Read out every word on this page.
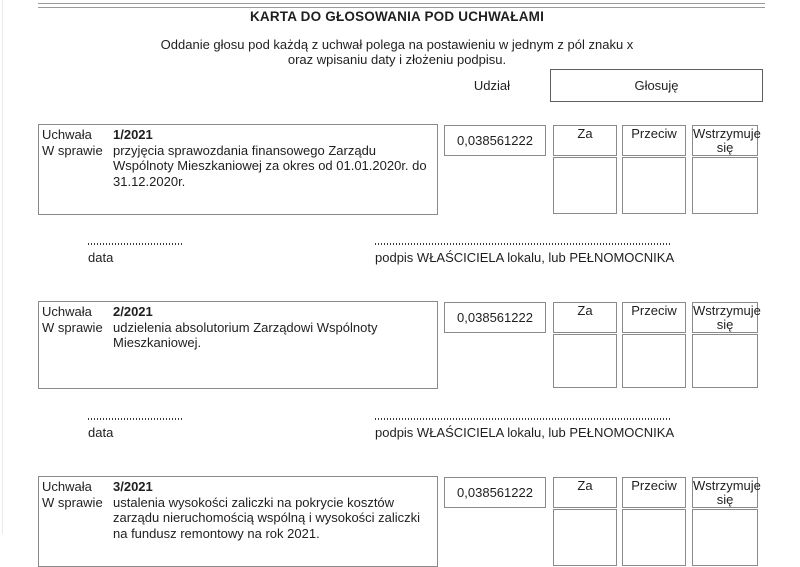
KARTA DO GŁOSOWANIA POD UCHWAŁAMI
Oddanie głosu pod każdą z uchwał polega na postawieniu w jednym z pól znaku x
oraz wpisaniu daty i złożeniu podpisu.
Udział	Głosuję
Uchwała	1/2021
W sprawie przyjęcia sprawozdania finansowego Zarządu Wspólnoty Mieszkaniowej za okres od 01.01.2020r. do 31.12.2020r.
0,038561222	Za	Przeciw	Wstrzymuje się
data	podpis WŁAŚCICIELA lokalu, lub PEŁNOMOCNIKA
Uchwała	2/2021
W sprawie udzielenia absolutorium Zarządowi Wspólnoty Mieszkaniowej.
0,038561222	Za	Przeciw	Wstrzymuje się
data	podpis WŁAŚCICIELA lokalu, lub PEŁNOMOCNIKA
Uchwała	3/2021
W sprawie ustalenia wysokości zaliczki na pokrycie kosztów zarządu nieruchomością wspólną i wysokości zaliczki na fundusz remontowy na rok 2021.
0,038561222	Za	Przeciw	Wstrzymuje się
